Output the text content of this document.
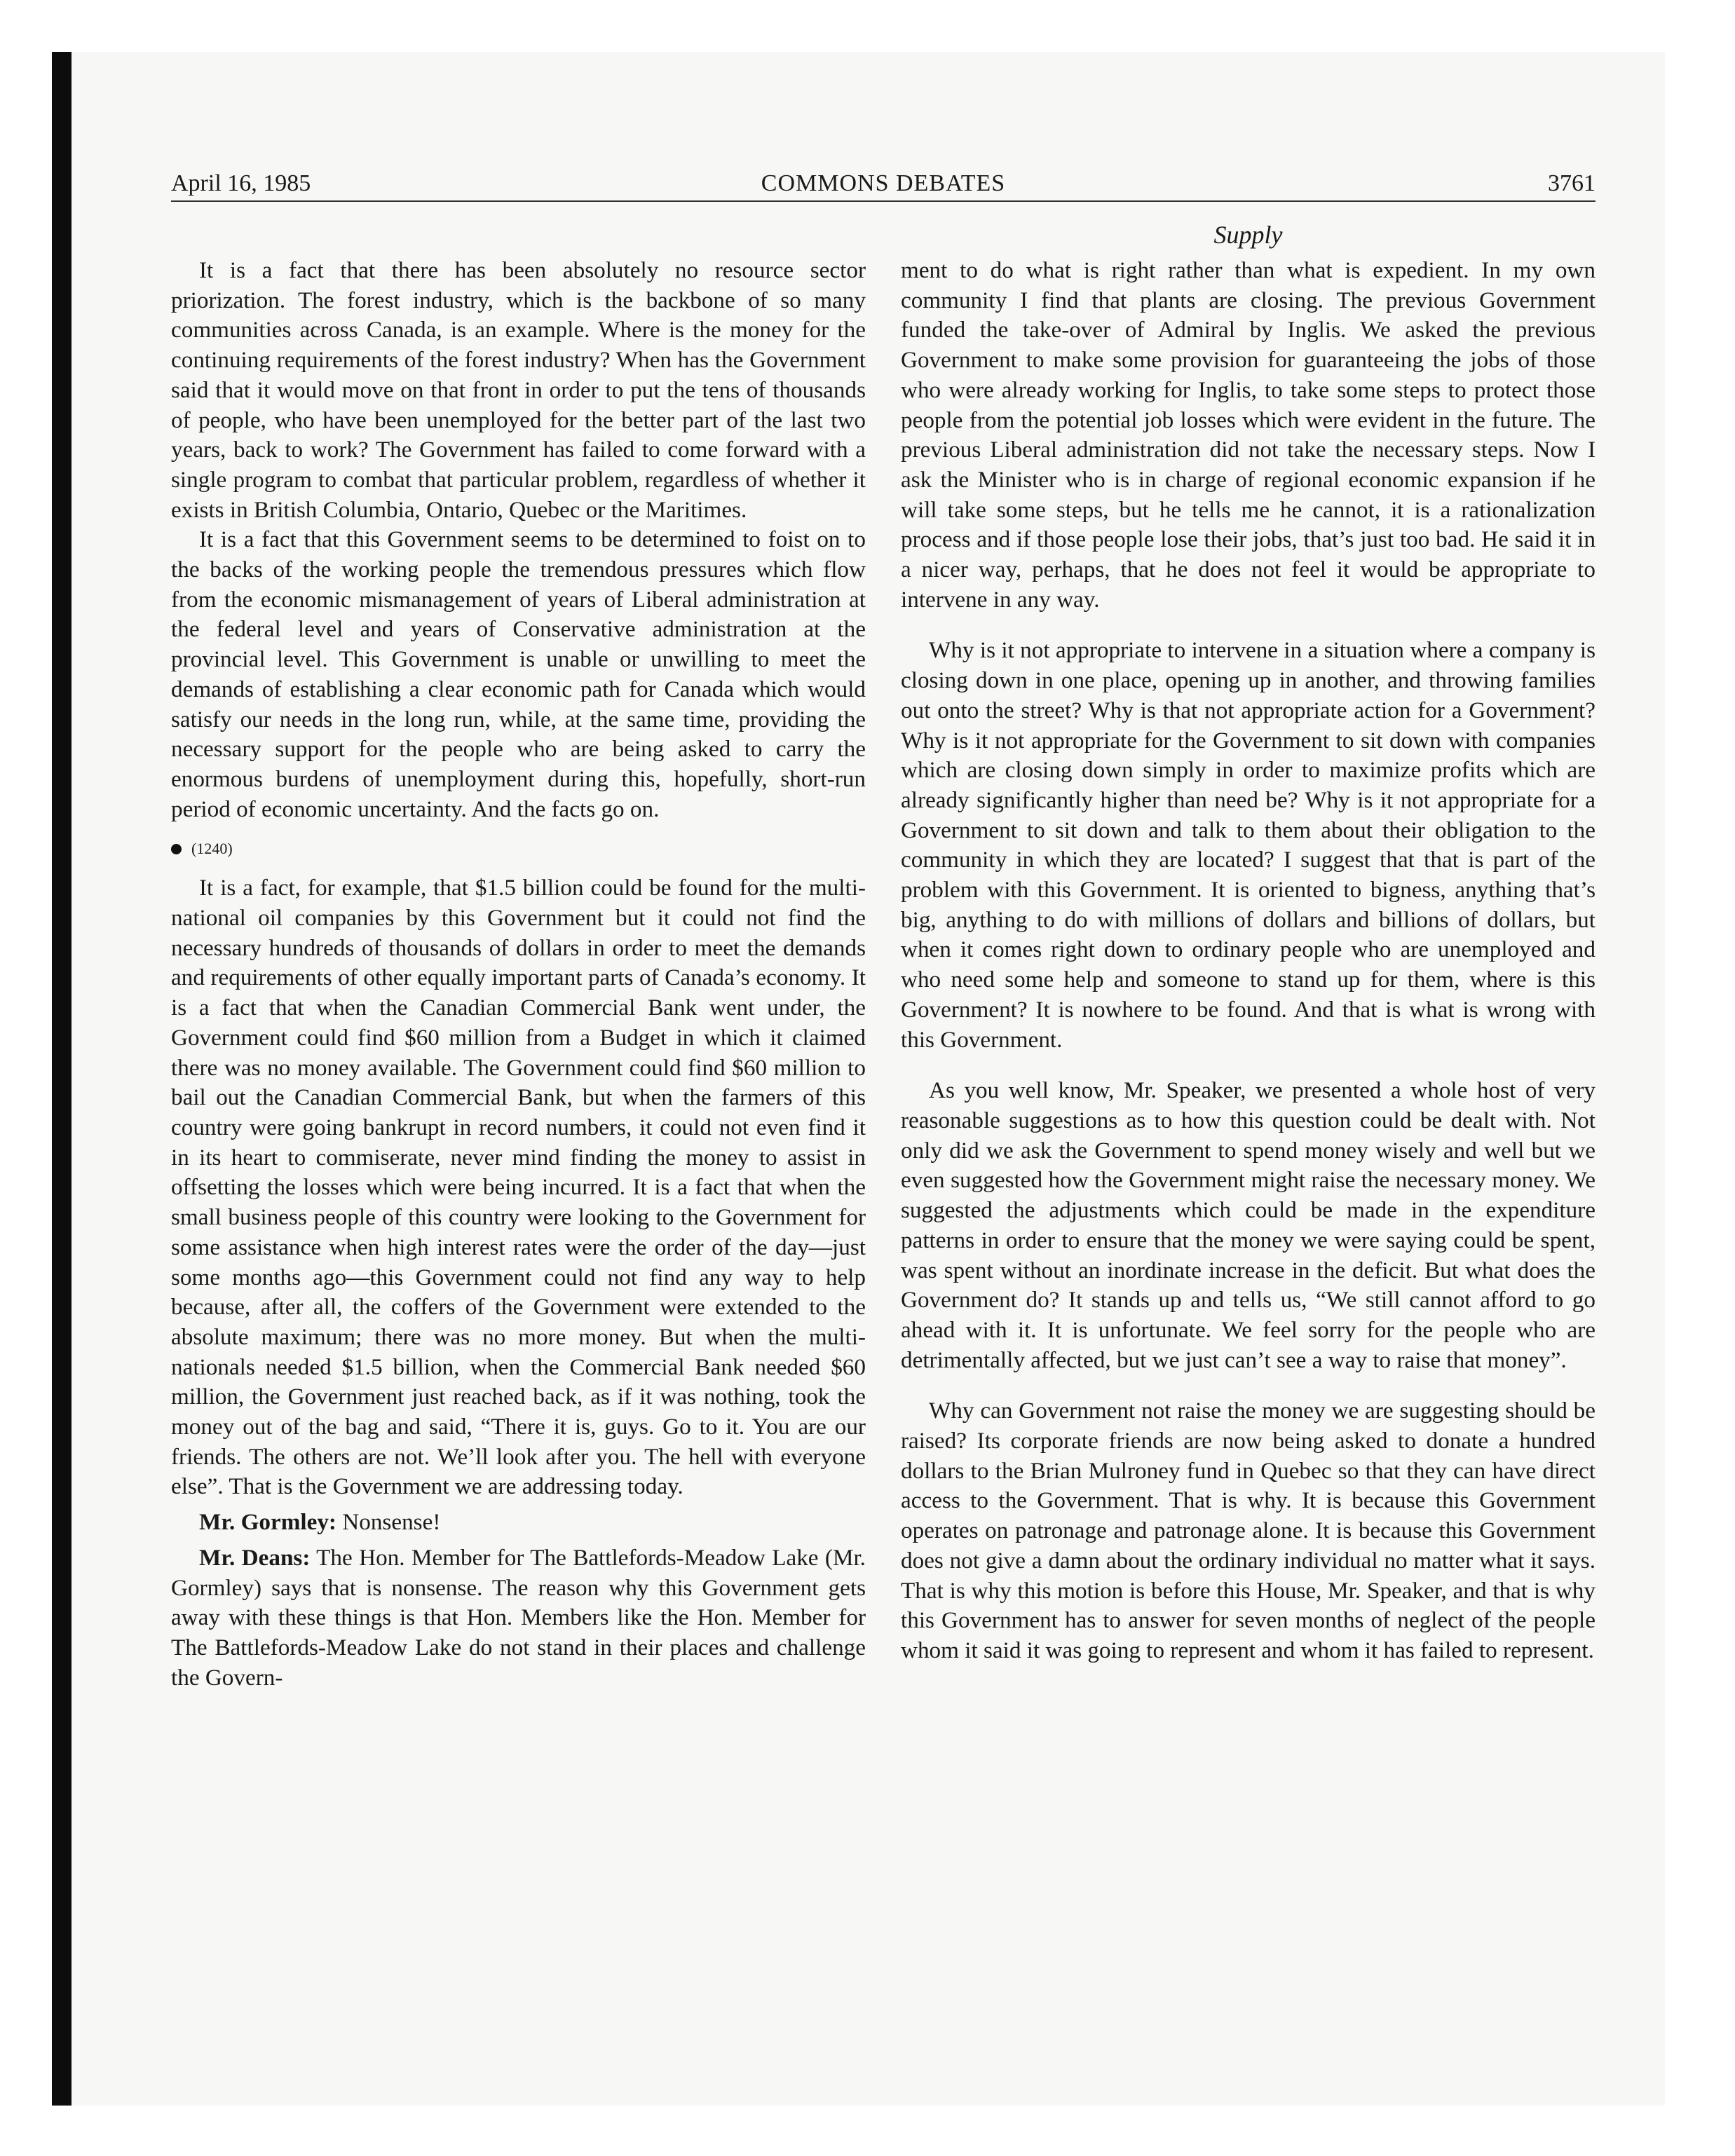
April 16, 1985	COMMONS DEBATES	3761
Supply

It is a fact that there has been absolutely no resource sector priorization. The forest industry, which is the backbone of so many communities across Canada, is an example. Where is the money for the continuing requirements of the forest industry? When has the Government said that it would move on that front in order to put the tens of thousands of people, who have been unemployed for the better part of the last two years, back to work? The Government has failed to come forward with a single program to combat that particular problem, regardless of whether it exists in British Columbia, Ontario, Quebec or the Maritimes.

It is a fact that this Government seems to be determined to foist on to the backs of the working people the tremendous pressures which flow from the economic mismanagement of years of Liberal administration at the federal level and years of Conservative administration at the provincial level. This Government is unable or unwilling to meet the demands of establishing a clear economic path for Canada which would satisfy our needs in the long run, while, at the same time, providing the necessary support for the people who are being asked to carry the enormous burdens of unemployment during this, hopefully, short-run period of economic uncertainty. And the facts go on.

(1240)

It is a fact, for example, that $1.5 billion could be found for the multi-national oil companies by this Government but it could not find the necessary hundreds of thousands of dollars in order to meet the demands and requirements of other equally important parts of Canada’s economy. It is a fact that when the Canadian Commercial Bank went under, the Government could find $60 million from a Budget in which it claimed there was no money available. The Government could find $60 million to bail out the Canadian Commercial Bank, but when the farmers of this country were going bankrupt in record numbers, it could not even find it in its heart to commiserate, never mind finding the money to assist in offsetting the losses which were being incurred. It is a fact that when the small business people of this country were looking to the Government for some assistance when high interest rates were the order of the day—just some months ago—this Government could not find any way to help because, after all, the coffers of the Government were extended to the absolute maximum; there was no more money. But when the multi-nationals needed $1.5 billion, when the Commercial Bank needed $60 million, the Government just reached back, as if it was nothing, took the money out of the bag and said, “There it is, guys. Go to it. You are our friends. The others are not. We’ll look after you. The hell with everyone else”. That is the Government we are addressing today.

Mr. Gormley: Nonsense!

Mr. Deans: The Hon. Member for The Battlefords-Meadow Lake (Mr. Gormley) says that is nonsense. The reason why this Government gets away with these things is that Hon. Members like the Hon. Member for The Battlefords-Meadow Lake do not stand in their places and challenge the Govern-

ment to do what is right rather than what is expedient. In my own community I find that plants are closing. The previous Government funded the take-over of Admiral by Inglis. We asked the previous Government to make some provision for guaranteeing the jobs of those who were already working for Inglis, to take some steps to protect those people from the potential job losses which were evident in the future. The previous Liberal administration did not take the necessary steps. Now I ask the Minister who is in charge of regional economic expansion if he will take some steps, but he tells me he cannot, it is a rationalization process and if those people lose their jobs, that’s just too bad. He said it in a nicer way, perhaps, that he does not feel it would be appropriate to intervene in any way.

Why is it not appropriate to intervene in a situation where a company is closing down in one place, opening up in another, and throwing families out onto the street? Why is that not appropriate action for a Government? Why is it not appropriate for the Government to sit down with companies which are closing down simply in order to maximize profits which are already significantly higher than need be? Why is it not appropriate for a Government to sit down and talk to them about their obligation to the community in which they are located? I suggest that that is part of the problem with this Government. It is oriented to bigness, anything that’s big, anything to do with millions of dollars and billions of dollars, but when it comes right down to ordinary people who are unemployed and who need some help and someone to stand up for them, where is this Government? It is nowhere to be found. And that is what is wrong with this Government.

As you well know, Mr. Speaker, we presented a whole host of very reasonable suggestions as to how this question could be dealt with. Not only did we ask the Government to spend money wisely and well but we even suggested how the Government might raise the necessary money. We suggested the adjustments which could be made in the expenditure patterns in order to ensure that the money we were saying could be spent, was spent without an inordinate increase in the deficit. But what does the Government do? It stands up and tells us, “We still cannot afford to go ahead with it. It is unfortunate. We feel sorry for the people who are detrimentally affected, but we just can’t see a way to raise that money”.

Why can Government not raise the money we are suggesting should be raised? Its corporate friends are now being asked to donate a hundred dollars to the Brian Mulroney fund in Quebec so that they can have direct access to the Government. That is why. It is because this Government operates on patronage and patronage alone. It is because this Government does not give a damn about the ordinary individual no matter what it says. That is why this motion is before this House, Mr. Speaker, and that is why this Government has to answer for seven months of neglect of the people whom it said it was going to represent and whom it has failed to represent.
